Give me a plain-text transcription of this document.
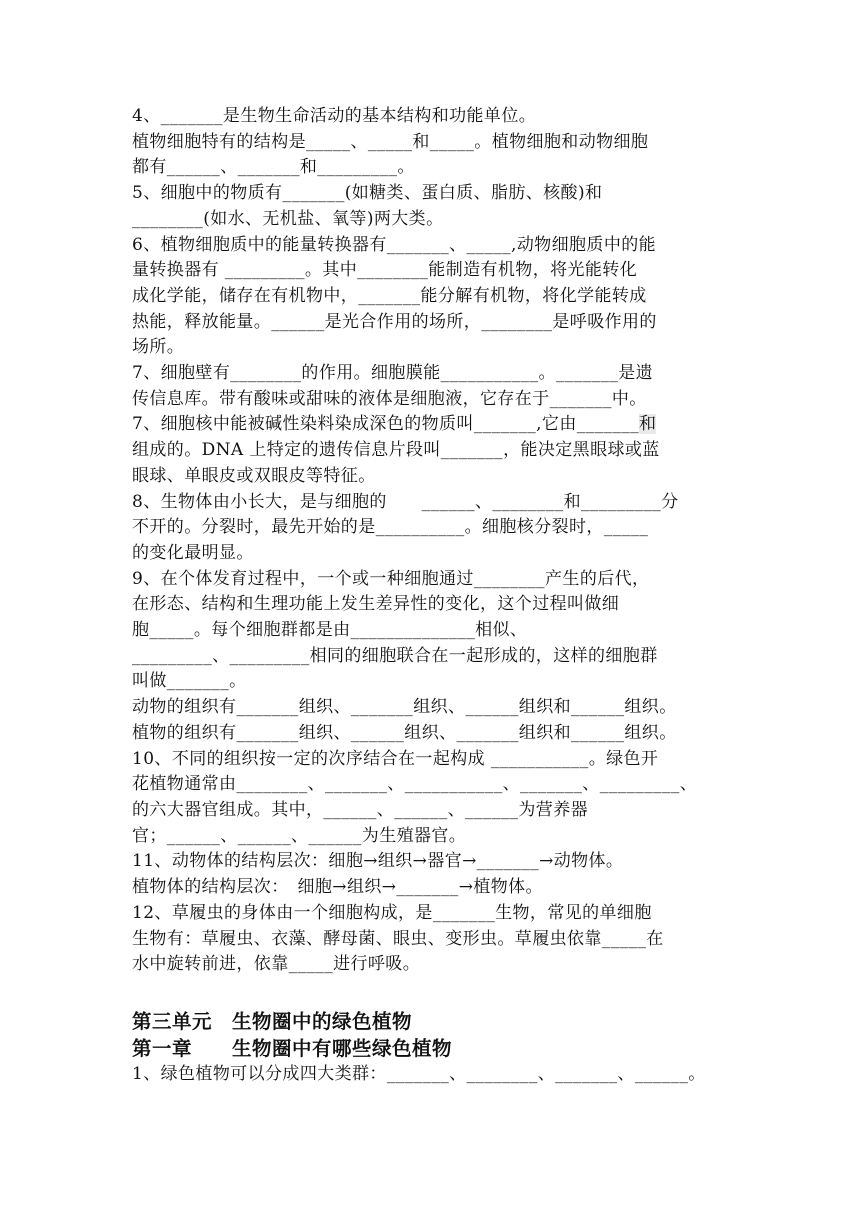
4、_______是生物生命活动的基本结构和功能单位。
植物细胞特有的结构是_____、_____和_____。植物细胞和动物细胞
都有______、_______和_________。
5、细胞中的物质有_______(如糖类、蛋白质、脂肪、核酸)和
________(如水、无机盐、氧等)两大类。
6、植物细胞质中的能量转换器有_______、_____,动物细胞质中的能
量转换器有 _________。其中________能制造有机物，将光能转化
成化学能，储存在有机物中，_______能分解有机物，将化学能转成
热能，释放能量。______是光合作用的场所，________是呼吸作用的
场所。
7、细胞壁有________的作用。细胞膜能___________。_______是遗
传信息库。带有酸味或甜味的液体是细胞液，它存在于_______中。
7、细胞核中能被碱性染料染成深色的物质叫_______,它由_______和
组成的。DNA 上特定的遗传信息片段叫_______，能决定黑眼球或蓝
眼球、单眼皮或双眼皮等特征。
8、生物体由小长大，是与细胞的　　______、________和_________分
不开的。分裂时，最先开始的是__________。细胞核分裂时，_____
的变化最明显。
9、在个体发育过程中，一个或一种细胞通过________产生的后代，
在形态、结构和生理功能上发生差异性的变化，这个过程叫做细
胞_____。每个细胞群都是由______________相似、
_________、_________相同的细胞联合在一起形成的，这样的细胞群
叫做_______。
动物的组织有_______组织、_______组织、______组织和______组织。
植物的组织有_______组织、______组织、_______组织和______组织。
10、不同的组织按一定的次序结合在一起构成 ___________。绿色开
花植物通常由________、_______、___________、_______、_________、
的六大器官组成。其中，______、______、______为营养器
官；______、______、______为生殖器官。
11、动物体的结构层次：细胞→组织→器官→_______→动物体。
植物体的结构层次：　细胞→组织→_______→植物体。
12、草履虫的身体由一个细胞构成，是_______生物，常见的单细胞
生物有：草履虫、衣藻、酵母菌、眼虫、变形虫。草履虫依靠_____在
水中旋转前进，依靠_____进行呼吸。
第三单元　生物圈中的绿色植物
第一章　　生物圈中有哪些绿色植物
1、绿色植物可以分成四大类群：_______、________、_______、______。
